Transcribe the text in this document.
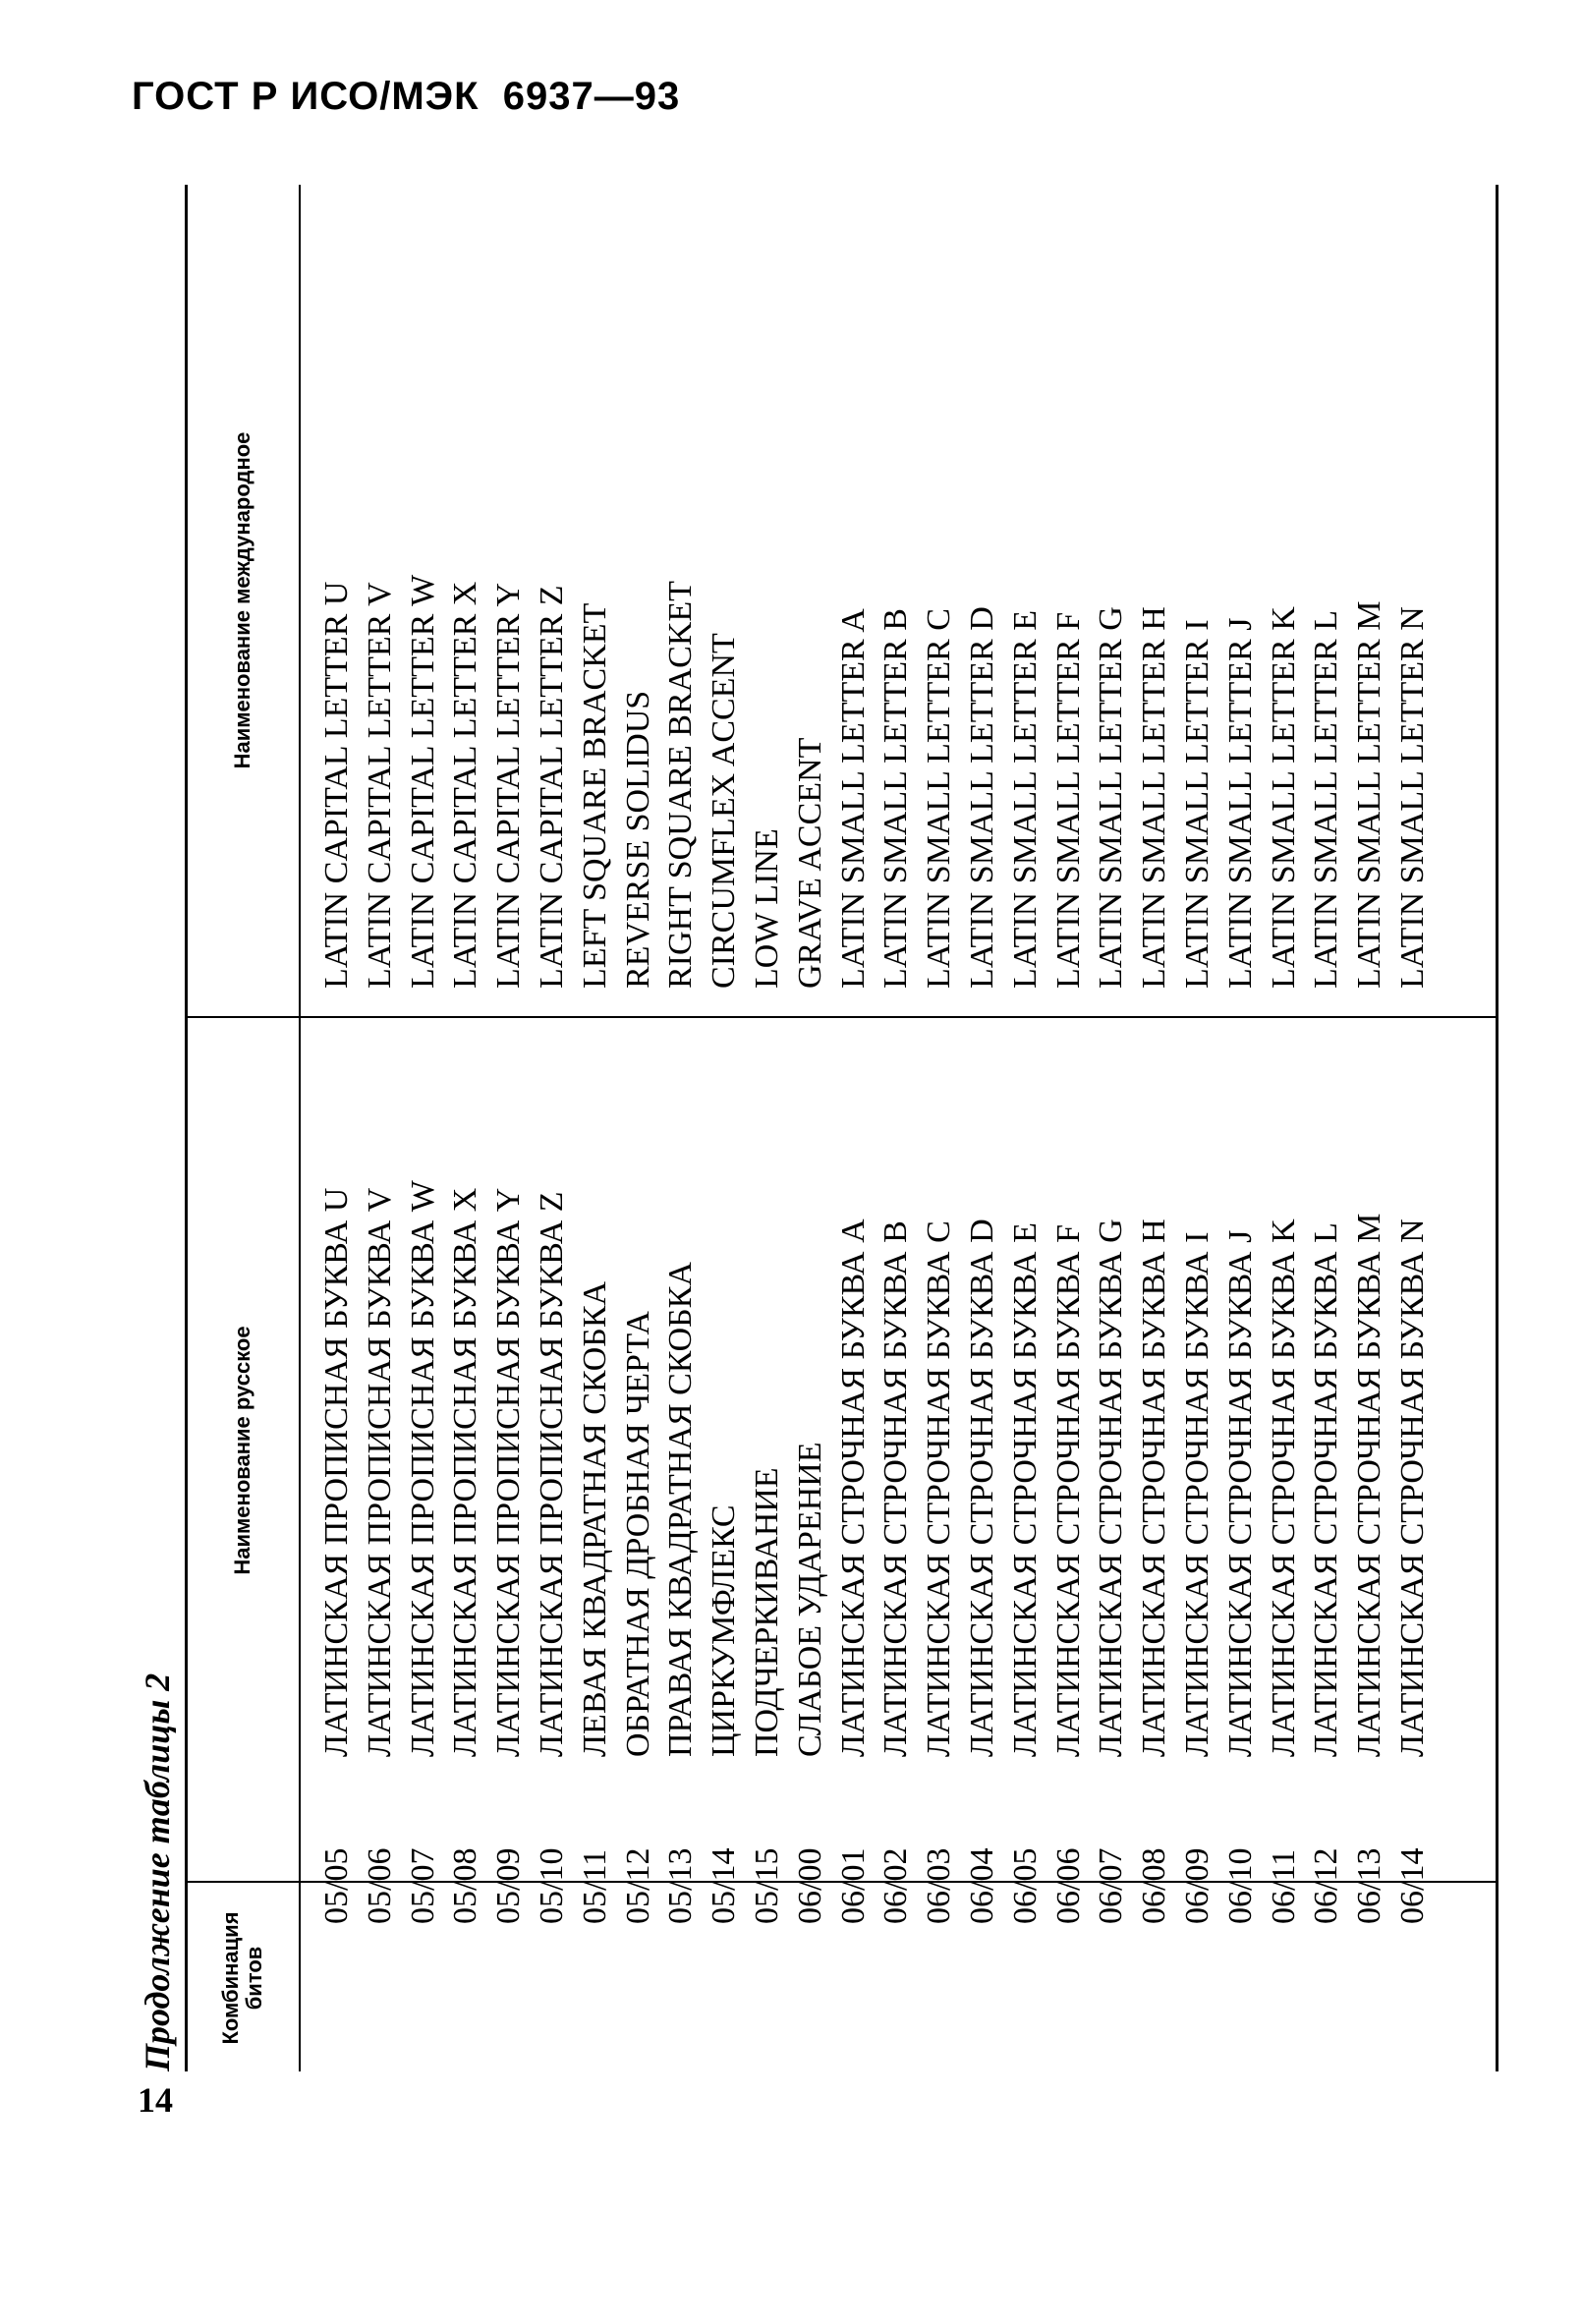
ГОСТ Р ИСО/МЭК  6937—93
Продолжение таблицы 2	Комбинация битов
Наименование русское
Наименование международное
05/05
ЛАТИНСКАЯ ПРОПИСНАЯ БУКВА U
LATIN CAPITAL LETTER U
05/06
ЛАТИНСКАЯ ПРОПИСНАЯ БУКВА V
LATIN CAPITAL LETTER V
05/07
ЛАТИНСКАЯ ПРОПИСНАЯ БУКВА W
LATIN CAPITAL LETTER W
05/08
ЛАТИНСКАЯ ПРОПИСНАЯ БУКВА X
LATIN CAPITAL LETTER X
05/09
ЛАТИНСКАЯ ПРОПИСНАЯ БУКВА Y
LATIN CAPITAL LETTER Y
05/10
ЛАТИНСКАЯ ПРОПИСНАЯ БУКВА Z
LATIN CAPITAL LETTER Z
05/11
ЛЕВАЯ КВАДРАТНАЯ СКОБКА
LEFT SQUARE BRACKET
05/12
ОБРАТНАЯ ДРОБНАЯ ЧЕРТА
REVERSE SOLIDUS
05/13
ПРАВАЯ КВАДРАТНАЯ СКОБКА
RIGHT SQUARE BRACKET
05/14
ЦИРКУМФЛЕКС
CIRCUMFLEX ACCENT
05/15
ПОДЧЕРКИВАНИЕ
LOW LINE
06/00
СЛАБОЕ УДАРЕНИЕ
GRAVE ACCENT
06/01
ЛАТИНСКАЯ СТРОЧНАЯ БУКВА A
LATIN SMALL LETTER A
06/02
ЛАТИНСКАЯ СТРОЧНАЯ БУКВА B
LATIN SMALL LETTER B
06/03
ЛАТИНСКАЯ СТРОЧНАЯ БУКВА C
LATIN SMALL LETTER C
06/04
ЛАТИНСКАЯ СТРОЧНАЯ БУКВА D
LATIN SMALL LETTER D
06/05
ЛАТИНСКАЯ СТРОЧНАЯ БУКВА E
LATIN SMALL LETTER E
06/06
ЛАТИНСКАЯ СТРОЧНАЯ БУКВА F
LATIN SMALL LETTER F
06/07
ЛАТИНСКАЯ СТРОЧНАЯ БУКВА G
LATIN SMALL LETTER G
06/08
ЛАТИНСКАЯ СТРОЧНАЯ БУКВА H
LATIN SMALL LETTER H
06/09
ЛАТИНСКАЯ СТРОЧНАЯ БУКВА I
LATIN SMALL LETTER I
06/10
ЛАТИНСКАЯ СТРОЧНАЯ БУКВА J
LATIN SMALL LETTER J
06/11
ЛАТИНСКАЯ СТРОЧНАЯ БУКВА K
LATIN SMALL LETTER K
06/12
ЛАТИНСКАЯ СТРОЧНАЯ БУКВА L
LATIN SMALL LETTER L
06/13
ЛАТИНСКАЯ СТРОЧНАЯ БУКВА M
LATIN SMALL LETTER M
06/14
ЛАТИНСКАЯ СТРОЧНАЯ БУКВА N
LATIN SMALL LETTER N
14
